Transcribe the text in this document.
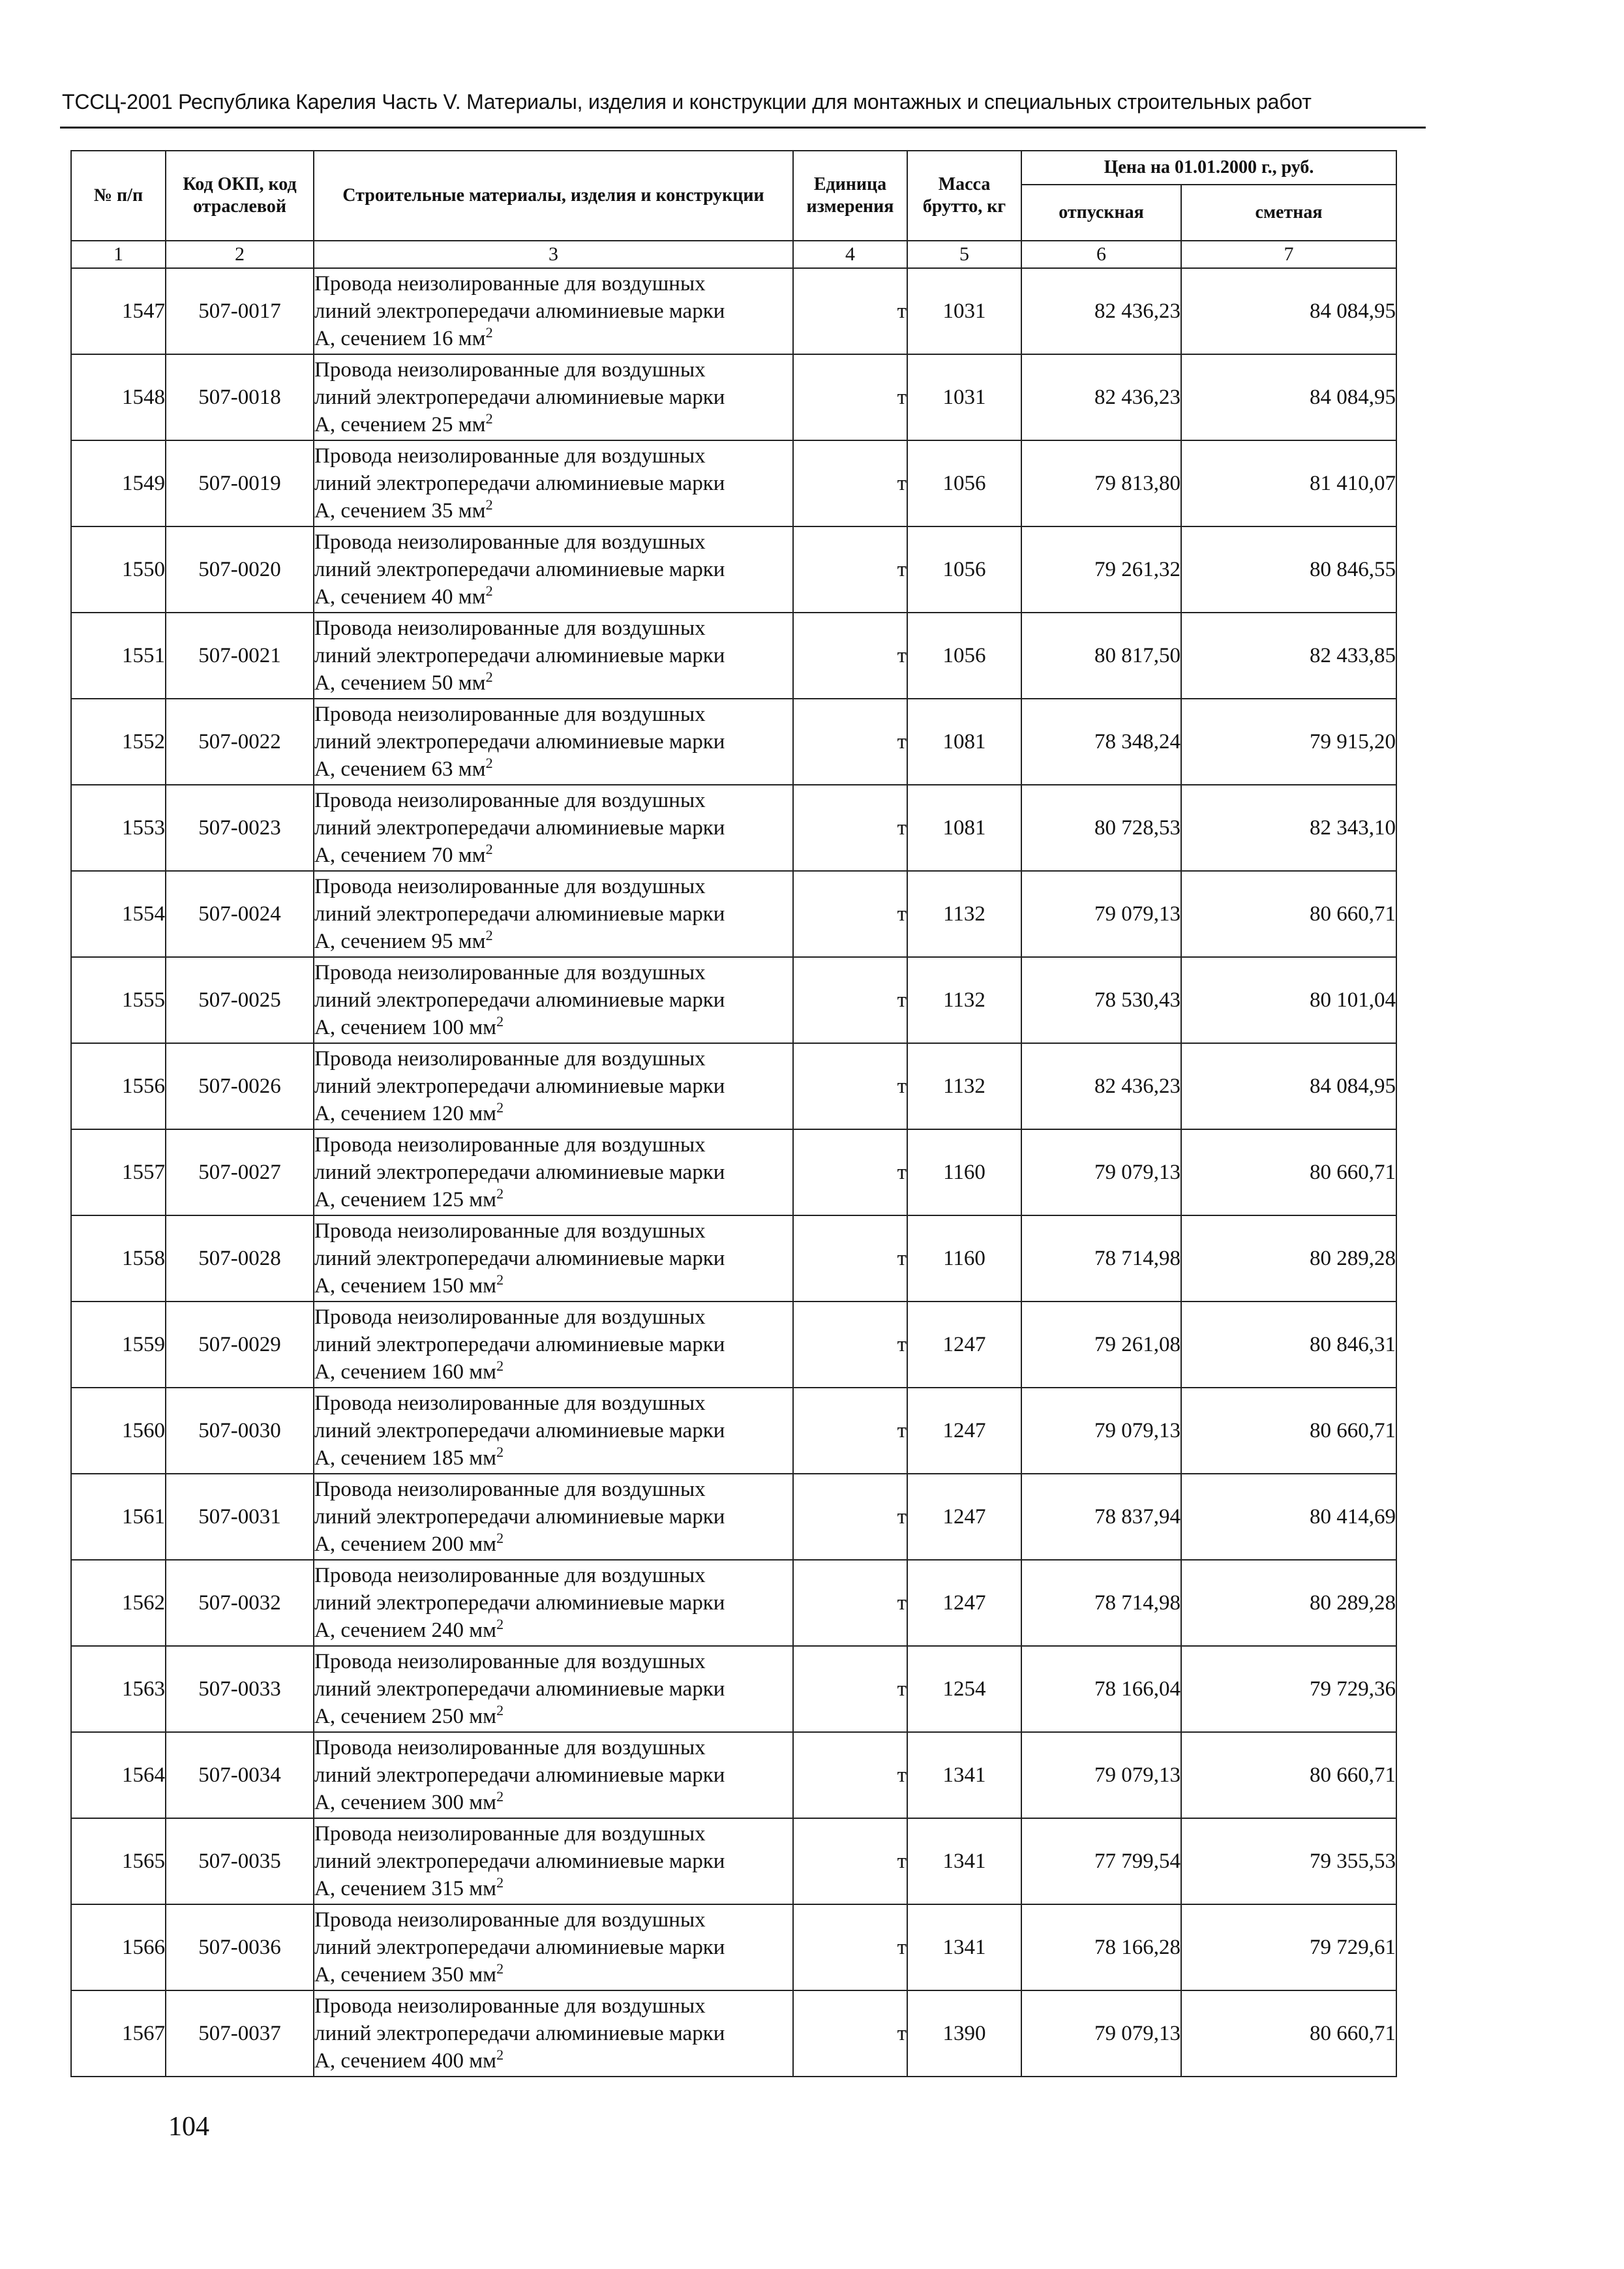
ТССЦ-2001 Республика Карелия Часть V. Материалы, изделия и конструкции для монтажных и специальных строительных работ
№ п/п	Код ОКП, код отраслевой	Строительные материалы, изделия и конструкции	Единица измерения	Масса брутто, кг	Цена на 01.01.2000 г., руб.	
					отпускная	сметная
1	2	3	4	5	6	7
1547	507-0017	Провода неизолированные для воздушных
линий электропередачи алюминиевые марки
А, сечением 16 $мм^2$	т	1031	82 436,23	84 084,95
1548	507-0018	Провода неизолированные для воздушных
линий электропередачи алюминиевые марки
А, сечением 25 $мм^2$	т	1031	82 436,23	84 084,95
1549	507-0019	Провода неизолированные для воздушных
линий электропередачи алюминиевые марки
А, сечением 35 $мм^2$	т	1056	79 813,80	81 410,07
1550	507-0020	Провода неизолированные для воздушных
линий электропередачи алюминиевые марки
А, сечением 40 $мм^2$	т	1056	79 261,32	80 846,55
1551	507-0021	Провода неизолированные для воздушных
линий электропередачи алюминиевые марки
А, сечением 50 $мм^2$	т	1056	80 817,50	82 433,85
1552	507-0022	Провода неизолированные для воздушных
линий электропередачи алюминиевые марки
А, сечением 63 $мм^2$	т	1081	78 348,24	79 915,20
1553	507-0023	Провода неизолированные для воздушных
линий электропередачи алюминиевые марки
А, сечением 70 $мм^2$	т	1081	80 728,53	82 343,10
1554	507-0024	Провода неизолированные для воздушных
линий электропередачи алюминиевые марки
А, сечением 95 $мм^2$	т	1132	79 079,13	80 660,71
1555	507-0025	Провода неизолированные для воздушных
линий электропередачи алюминиевые марки
А, сечением 100 $мм^2$	т	1132	78 530,43	80 101,04
1556	507-0026	Провода неизолированные для воздушных
линий электропередачи алюминиевые марки
А, сечением 120 $мм^2$	т	1132	82 436,23	84 084,95
1557	507-0027	Провода неизолированные для воздушных
линий электропередачи алюминиевые марки
А, сечением 125 $мм^2$	т	1160	79 079,13	80 660,71
1558	507-0028	Провода неизолированные для воздушных
линий электропередачи алюминиевые марки
А, сечением 150 $мм^2$	т	1160	78 714,98	80 289,28
1559	507-0029	Провода неизолированные для воздушных
линий электропередачи алюминиевые марки
А, сечением 160 $мм^2$	т	1247	79 261,08	80 846,31
1560	507-0030	Провода неизолированные для воздушных
линий электропередачи алюминиевые марки
А, сечением 185 $мм^2$	т	1247	79 079,13	80 660,71
1561	507-0031	Провода неизолированные для воздушных
линий электропередачи алюминиевые марки
А, сечением 200 $мм^2$	т	1247	78 837,94	80 414,69
1562	507-0032	Провода неизолированные для воздушных
линий электропередачи алюминиевые марки
А, сечением 240 $мм^2$	т	1247	78 714,98	80 289,28
1563	507-0033	Провода неизолированные для воздушных
линий электропередачи алюминиевые марки
А, сечением 250 $мм^2$	т	1254	78 166,04	79 729,36
1564	507-0034	Провода неизолированные для воздушных
линий электропередачи алюминиевые марки
А, сечением 300 $мм^2$	т	1341	79 079,13	80 660,71
1565	507-0035	Провода неизолированные для воздушных
линий электропередачи алюминиевые марки
А, сечением 315 $мм^2$	т	1341	77 799,54	79 355,53
1566	507-0036	Провода неизолированные для воздушных
линий электропередачи алюминиевые марки
А, сечением 350 $мм^2$	т	1341	78 166,28	79 729,61
1567	507-0037	Провода неизолированные для воздушных
линий электропередачи алюминиевые марки
А, сечением 400 $мм^2$	т	1390	79 079,13	80 660,71
104
